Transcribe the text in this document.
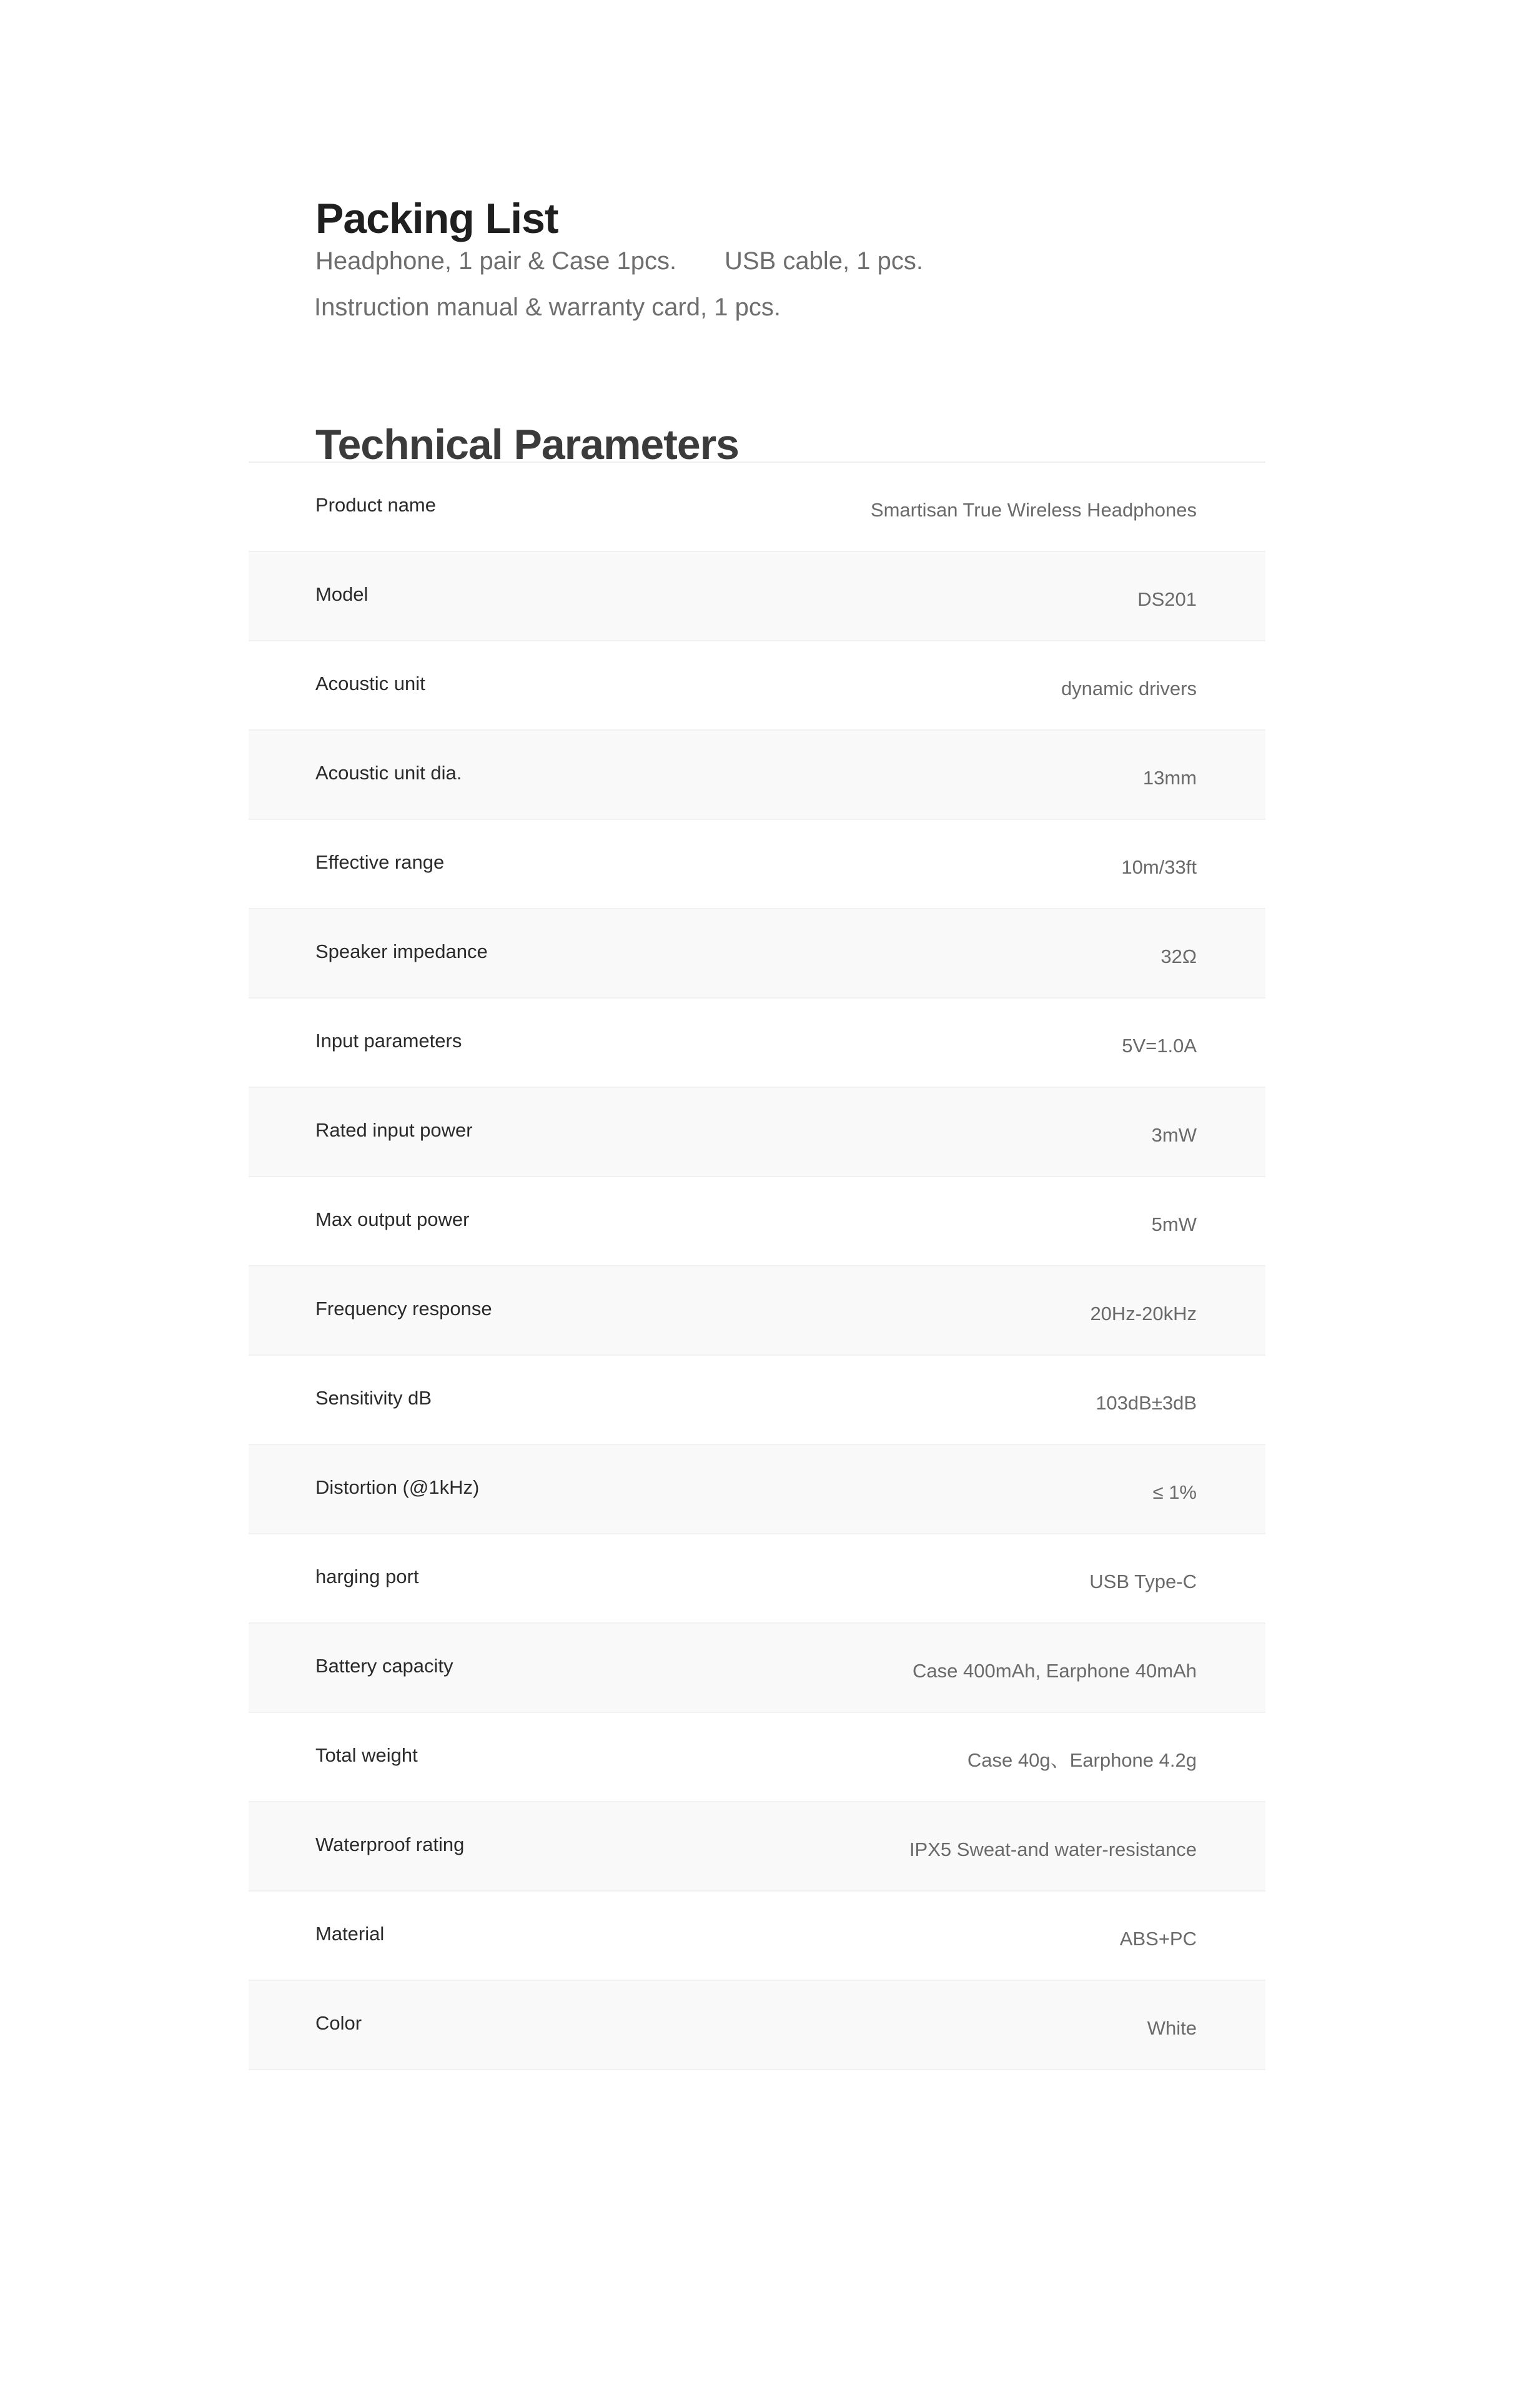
Packing List
Headphone, 1 pair & Case 1pcs. USB cable, 1 pcs.
Instruction manual & warranty card, 1 pcs.
Technical Parameters
Product name	Smartisan True Wireless Headphones
Model	DS201
Acoustic unit	dynamic drivers
Acoustic unit dia.	13mm
Effective range	10m/33ft
Speaker impedance	32Ω
Input parameters	5V=1.0A
Rated input power	3mW
Max output power	5mW
Frequency response	20Hz-20kHz
Sensitivity dB	103dB±3dB
Distortion (@1kHz)	≤ 1%
harging port	USB Type-C
Battery capacity	Case 400mAh, Earphone 40mAh
Total weight	Case 40g、Earphone 4.2g
Waterproof rating	IPX5 Sweat-and water-resistance
Material	ABS+PC
Color	White
